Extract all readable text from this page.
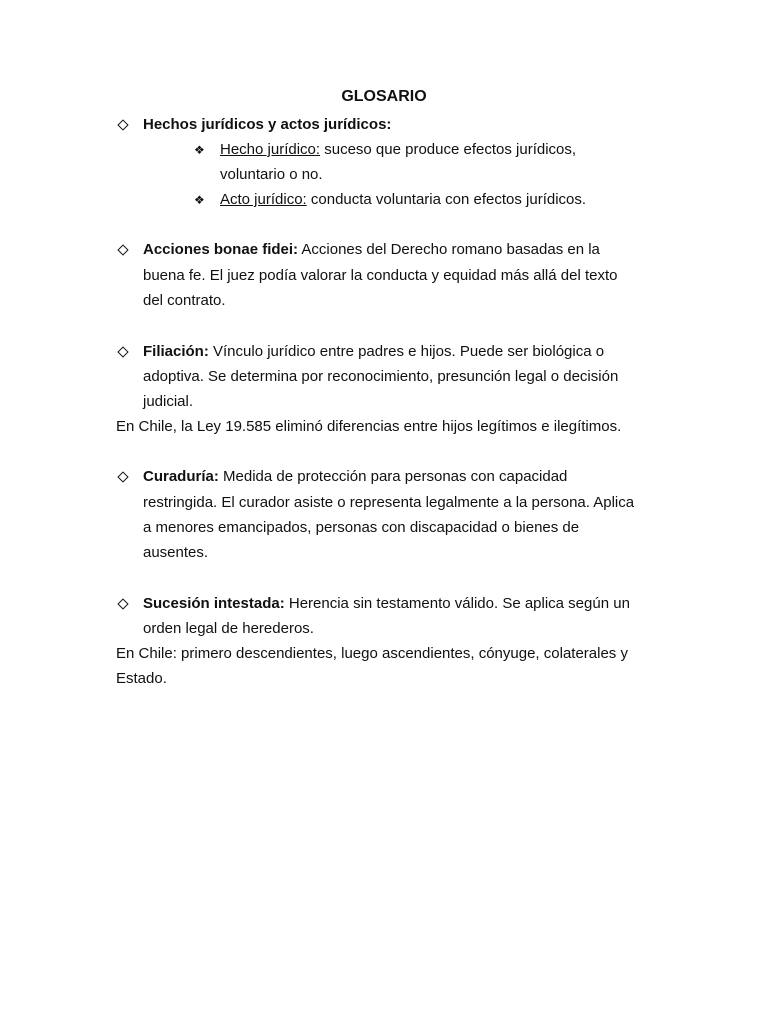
GLOSARIO
Hechos jurídicos y actos jurídicos:
❖ Hecho jurídico: suceso que produce efectos jurídicos,
voluntario o no.
❖ Acto jurídico: conducta voluntaria con efectos jurídicos.
Acciones bonae fidei: Acciones del Derecho romano basadas en la
buena fe. El juez podía valorar la conducta y equidad más allá del texto
del contrato.
Filiación: Vínculo jurídico entre padres e hijos. Puede ser biológica o
adoptiva. Se determina por reconocimiento, presunción legal o decisión
judicial.
En Chile, la Ley 19.585 eliminó diferencias entre hijos legítimos e ilegítimos.
Curaduría: Medida de protección para personas con capacidad
restringida. El curador asiste o representa legalmente a la persona. Aplica
a menores emancipados, personas con discapacidad o bienes de
ausentes.
Sucesión intestada: Herencia sin testamento válido. Se aplica según un
orden legal de herederos.
En Chile: primero descendientes, luego ascendientes, cónyuge, colaterales y
Estado.
